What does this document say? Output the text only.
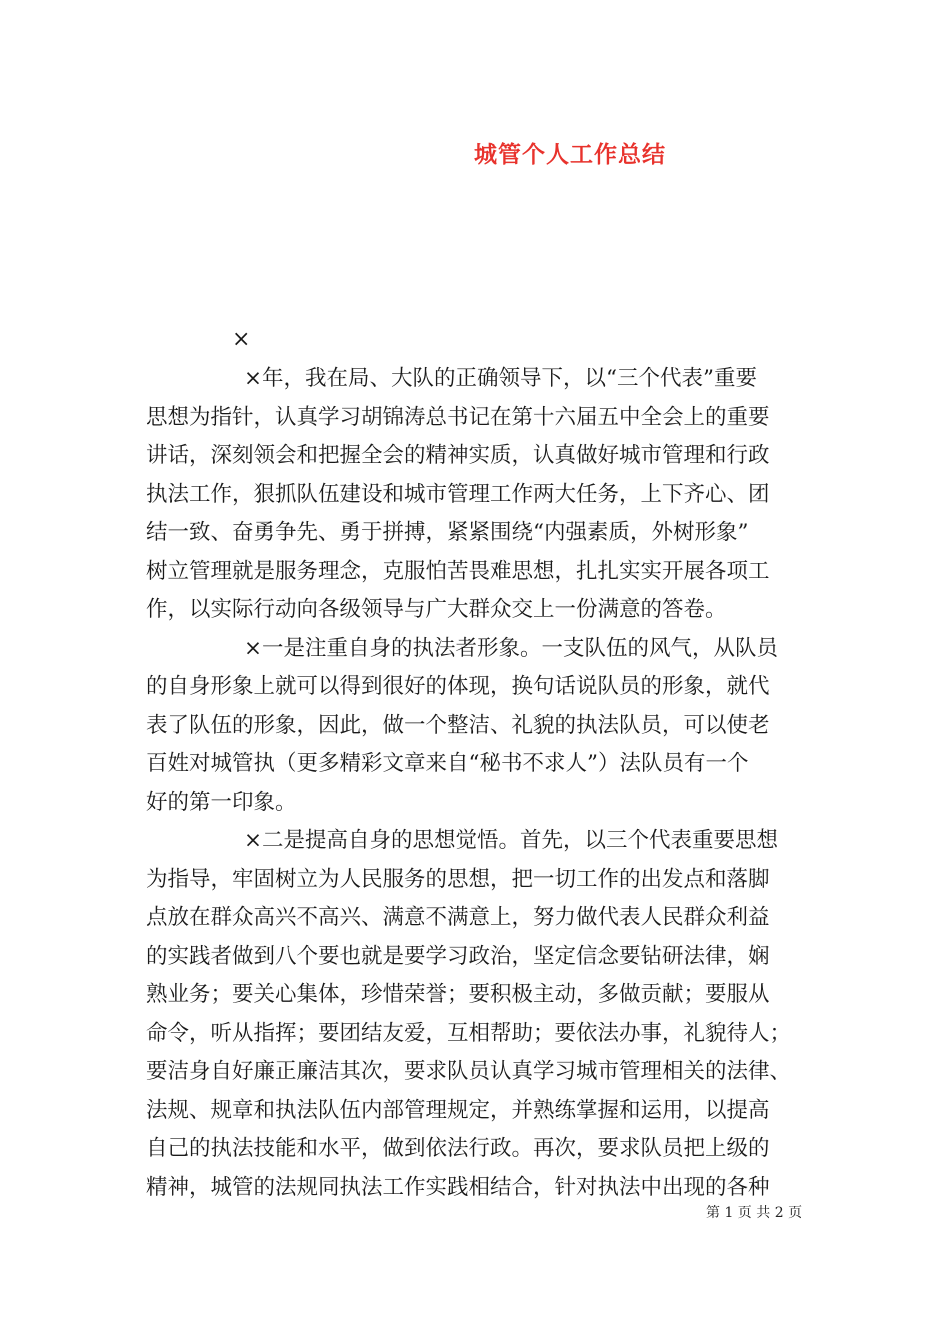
城管个人工作总结
×

×年，我在局、大队的正确领导下，以“三个代表”重要
思想为指针，认真学习胡锦涛总书记在第十六届五中全会上的重要
讲话，深刻领会和把握全会的精神实质，认真做好城市管理和行政
执法工作，狠抓队伍建设和城市管理工作两大任务，上下齐心、团
结一致、奋勇争先、勇于拼搏，紧紧围绕“内强素质，外树形象”
树立管理就是服务理念，克服怕苦畏难思想，扎扎实实开展各项工
作，以实际行动向各级领导与广大群众交上一份满意的答卷。

×一是注重自身的执法者形象。一支队伍的风气，从队员
的自身形象上就可以得到很好的体现，换句话说队员的形象，就代
表了队伍的形象，因此，做一个整洁、礼貌的执法队员，可以使老
百姓对城管执（更多精彩文章来自“秘书不求人”）法队员有一个
好的第一印象。

×二是提高自身的思想觉悟。首先，以三个代表重要思想
为指导，牢固树立为人民服务的思想，把一切工作的出发点和落脚
点放在群众高兴不高兴、满意不满意上，努力做代表人民群众利益
的实践者做到八个要也就是要学习政治，坚定信念要钻研法律，娴
熟业务；要关心集体，珍惜荣誉；要积极主动，多做贡献；要服从
命令，听从指挥；要团结友爱，互相帮助；要依法办事，礼貌待人；
要洁身自好廉正廉洁其次，要求队员认真学习城市管理相关的法律、
法规、规章和执法队伍内部管理规定，并熟练掌握和运用，以提高
自己的执法技能和水平，做到依法行政。再次，要求队员把上级的
精神，城管的法规同执法工作实践相结合，针对执法中出现的各种

第 1 页 共 2 页
